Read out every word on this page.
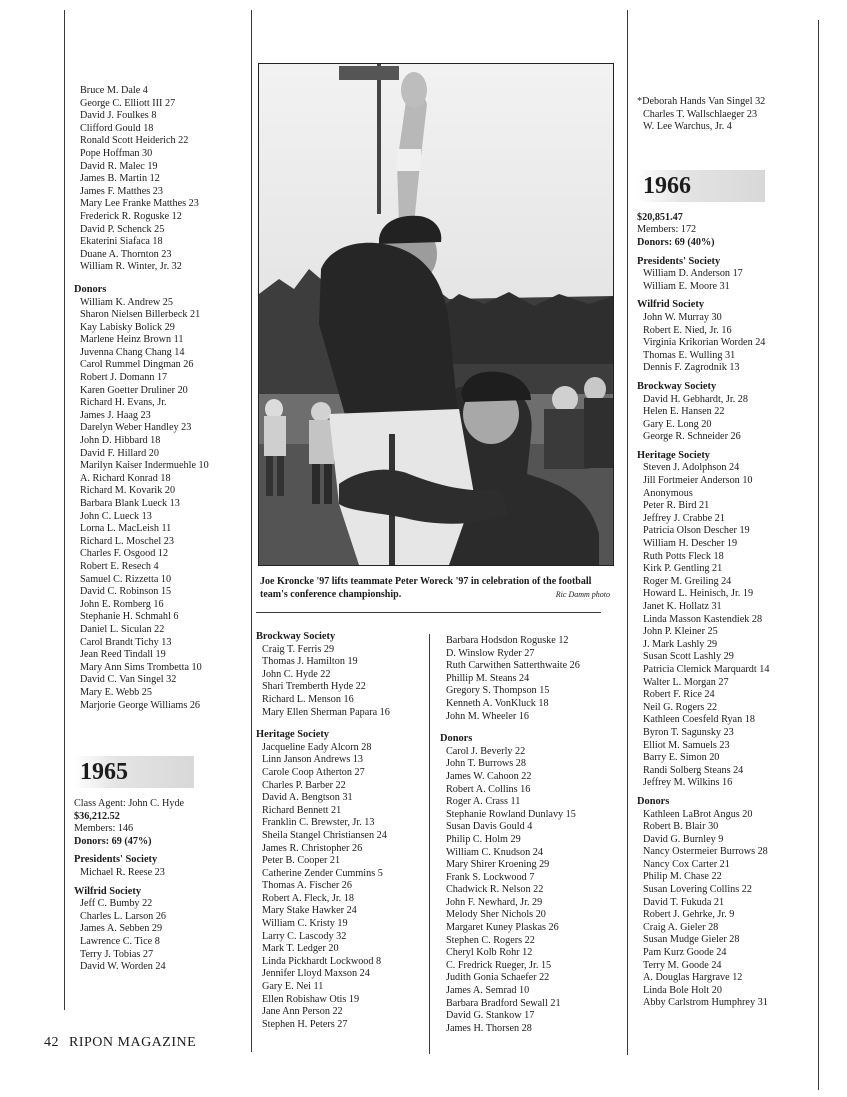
Bruce M. Dale 4
George C. Elliott III 27
David J. Foulkes 8
Clifford Gould 18
Ronald Scott Heiderich 22
Pope Hoffman 30
David R. Malec 19
James B. Martin 12
James F. Matthes 23
Mary Lee Franke Matthes 23
Frederick R. Roguske 12
David P. Schenck 25
Ekaterini Siafaca 18
Duane A. Thornton 23
William R. Winter, Jr. 32
Donors
William K. Andrew 25
Sharon Nielsen Billerbeck 21
Kay Labisky Bolick 29
Marlene Heinz Brown 11
Juvenna Chang Chang 14
Carol Rummel Dingman 26
Robert J. Domann 17
Karen Goetter Druliner 20
Richard H. Evans, Jr.
James J. Haag 23
Darelyn Weber Handley 23
John D. Hibbard 18
David F. Hillard 20
Marilyn Kaiser Indermuehle 10
A. Richard Konrad 18
Richard M. Kovarik 20
Barbara Blank Lueck 13
John C. Lueck 13
Lorna L. MacLeish 11
Richard L. Moschel 23
Charles F. Osgood 12
Robert E. Resech 4
Samuel C. Rizzetta 10
David C. Robinson 15
John E. Romberg 16
Stephanie H. Schmahl 6
Daniel L. Siculan 22
Carol Brandt Tichy 13
Jean Reed Tindall 19
Mary Ann Sims Trombetta 10
David C. Van Singel 32
Mary E. Webb 25
Marjorie George Williams 26
1965
Class Agent: John C. Hyde
$36,212.52
Members: 146
Donors: 69 (47%)
Presidents' Society
Michael R. Reese 23
Wilfrid Society
Jeff C. Bumby 22
Charles L. Larson 26
James A. Sebben 29
Lawrence C. Tice 8
Terry J. Tobias 27
David W. Worden 24
Joe Kroncke '97 lifts teammate Peter Woreck '97 in celebration of the football team's conference championship.	Ric Damm photo
Brockway Society
Craig T. Ferris 29
Thomas J. Hamilton 19
John C. Hyde 22
Shari Tremberth Hyde 22
Richard L. Menson 16
Mary Ellen Sherman Papara 16
Heritage Society
Jacqueline Eady Alcorn 28
Linn Janson Andrews 13
Carole Coop Atherton 27
Charles P. Barber 22
David A. Bengtson 31
Richard Bennett 21
Franklin C. Brewster, Jr. 13
Sheila Stangel Christiansen 24
James R. Christopher 26
Peter B. Cooper 21
Catherine Zender Cummins 5
Thomas A. Fischer 26
Robert A. Fleck, Jr. 18
Mary Stake Hawker 24
William C. Kristy 19
Larry C. Lascody 32
Mark T. Ledger 20
Linda Pickhardt Lockwood 8
Jennifer Lloyd Maxson 24
Gary E. Nei 11
Ellen Robishaw Otis 19
Jane Ann Person 22
Stephen H. Peters 27
Barbara Hodsdon Roguske 12
D. Winslow Ryder 27
Ruth Carwithen Satterthwaite 26
Phillip M. Steans 24
Gregory S. Thompson 15
Kenneth A. VonKluck 18
John M. Wheeler 16
Donors
Carol J. Beverly 22
John T. Burrows 28
James W. Cahoon 22
Robert A. Collins 16
Roger A. Crass 11
Stephanie Rowland Dunlavy 15
Susan Davis Gould 4
Philip C. Holm 29
William C. Knudson 24
Mary Shirer Kroening 29
Frank S. Lockwood 7
Chadwick R. Nelson 22
John F. Newhard, Jr. 29
Melody Sher Nichols 20
Margaret Kuney Plaskas 26
Stephen C. Rogers 22
Cheryl Kolb Rohr 12
C. Fredrick Rueger, Jr. 15
Judith Gonia Schaefer 22
James A. Semrad 10
Barbara Bradford Sewall 21
David G. Stankow 17
James H. Thorsen 28
*Deborah Hands Van Singel 32
Charles T. Wallschlaeger 23
W. Lee Warchus, Jr. 4
1966
$20,851.47
Members: 172
Donors: 69 (40%)
Presidents' Society
William D. Anderson 17
William E. Moore 31
Wilfrid Society
John W. Murray 30
Robert E. Nied, Jr. 16
Virginia Krikorian Worden 24
Thomas E. Wulling 31
Dennis F. Zagrodnik 13
Brockway Society
David H. Gebhardt, Jr. 28
Helen E. Hansen 22
Gary E. Long 20
George R. Schneider 26
Heritage Society
Steven J. Adolphson 24
Jill Fortmeier Anderson 10
Anonymous
Peter R. Bird 21
Jeffrey J. Crabbe 21
Patricia Olson Descher 19
William H. Descher 19
Ruth Potts Fleck 18
Kirk P. Gentling 21
Roger M. Greiling 24
Howard L. Heinisch, Jr. 19
Janet K. Hollatz 31
Linda Masson Kastendiek 28
John P. Kleiner 25
J. Mark Lashly 29
Susan Scott Lashly 29
Patricia Clemick Marquardt 14
Walter L. Morgan 27
Robert F. Rice 24
Neil G. Rogers 22
Kathleen Coesfeld Ryan 18
Byron T. Sagunsky 23
Elliot M. Samuels 23
Barry E. Simon 20
Randi Solberg Steans 24
Jeffrey M. Wilkins 16
Donors
Kathleen LaBrot Angus 20
Robert B. Blair 30
David G. Burnley 9
Nancy Ostermeier Burrows 28
Nancy Cox Carter 21
Philip M. Chase 22
Susan Lovering Collins 22
David T. Fukuda 21
Robert J. Gehrke, Jr. 9
Craig A. Gieler 28
Susan Mudge Gieler 28
Pam Kurz Goode 24
Terry M. Goode 24
A. Douglas Hargrave 12
Linda Bole Holt 20
Abby Carlstrom Humphrey 31
42 RIPON MAGAZINE
